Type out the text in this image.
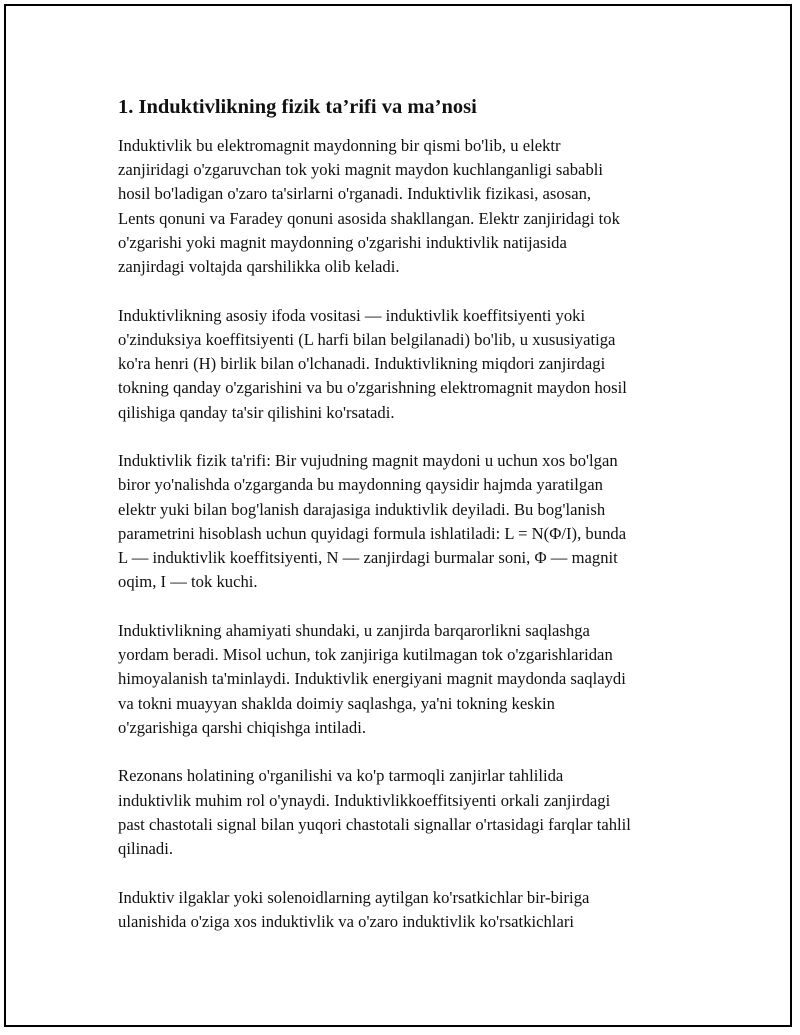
1. Induktivlikning fizik ta’rifi va ma’nosi

Induktivlik bu elektromagnit maydonning bir qismi bo'lib, u elektr
zanjiridagi o'zgaruvchan tok yoki magnit maydon kuchlanganligi sababli
hosil bo'ladigan o'zaro ta'sirlarni o'rganadi. Induktivlik fizikasi, asosan,
Lents qonuni va Faradey qonuni asosida shakllangan. Elektr zanjiridagi tok
o'zgarishi yoki magnit maydonning o'zgarishi induktivlik natijasida
zanjirdagi voltajda qarshilikka olib keladi.

Induktivlikning asosiy ifoda vositasi — induktivlik koeffitsiyenti yoki
o'zinduksiya koeffitsiyenti (L harfi bilan belgilanadi) bo'lib, u xususiyatiga
ko'ra henri (H) birlik bilan o'lchanadi. Induktivlikning miqdori zanjirdagi
tokning qanday o'zgarishini va bu o'zgarishning elektromagnit maydon hosil
qilishiga qanday ta'sir qilishini ko'rsatadi.

Induktivlik fizik ta'rifi: Bir vujudning magnit maydoni u uchun xos bo'lgan
biror yo'nalishda o'zgarganda bu maydonning qaysidir hajmda yaratilgan
elektr yuki bilan bog'lanish darajasiga induktivlik deyiladi. Bu bog'lanish
parametrini hisoblash uchun quyidagi formula ishlatiladi: L = N(Φ/I), bunda
L — induktivlik koeffitsiyenti, N — zanjirdagi burmalar soni, Φ — magnit
oqim, I — tok kuchi.

Induktivlikning ahamiyati shundaki, u zanjirda barqarorlikni saqlashga
yordam beradi. Misol uchun, tok zanjiriga kutilmagan tok o'zgarishlaridan
himoyalanish ta'minlaydi. Induktivlik energiyani magnit maydonda saqlaydi
va tokni muayyan shaklda doimiy saqlashga, ya'ni tokning keskin
o'zgarishiga qarshi chiqishga intiladi.

Rezonans holatining o'rganilishi va ko'p tarmoqli zanjirlar tahlilida
induktivlik muhim rol o'ynaydi. Induktivlikkoeffitsiyenti orkali zanjirdagi
past chastotali signal bilan yuqori chastotali signallar o'rtasidagi farqlar tahlil
qilinadi.

Induktiv ilgaklar yoki solenoidlarning aytilgan ko'rsatkichlar bir-biriga
ulanishida o'ziga xos induktivlik va o'zaro induktivlik ko'rsatkichlari
